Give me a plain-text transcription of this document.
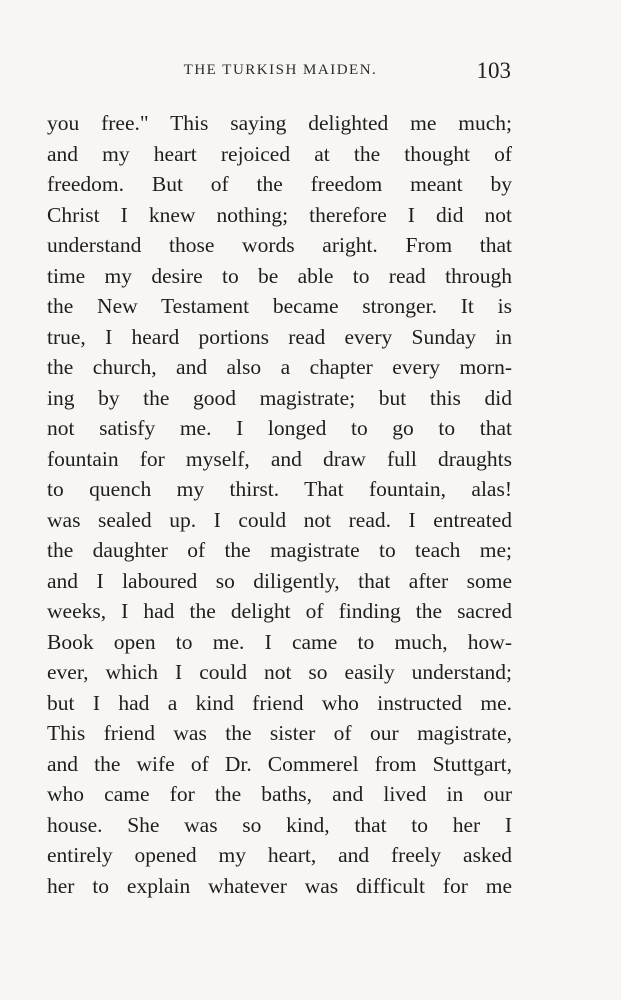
THE TURKISH MAIDEN.	103
you free." This saying delighted me much;
and my heart rejoiced at the thought of
freedom. But of the freedom meant by
Christ I knew nothing; therefore I did not
understand those words aright. From that
time my desire to be able to read through
the New Testament became stronger. It is
true, I heard portions read every Sunday in
the church, and also a chapter every morn-
ing by the good magistrate; but this did
not satisfy me. I longed to go to that
fountain for myself, and draw full draughts
to quench my thirst. That fountain, alas!
was sealed up. I could not read. I entreated
the daughter of the magistrate to teach me;
and I laboured so diligently, that after some
weeks, I had the delight of finding the sacred
Book open to me. I came to much, how-
ever, which I could not so easily understand;
but I had a kind friend who instructed me.
This friend was the sister of our magistrate,
and the wife of Dr. Commerel from Stuttgart,
who came for the baths, and lived in our
house. She was so kind, that to her I
entirely opened my heart, and freely asked
her to explain whatever was difficult for me
